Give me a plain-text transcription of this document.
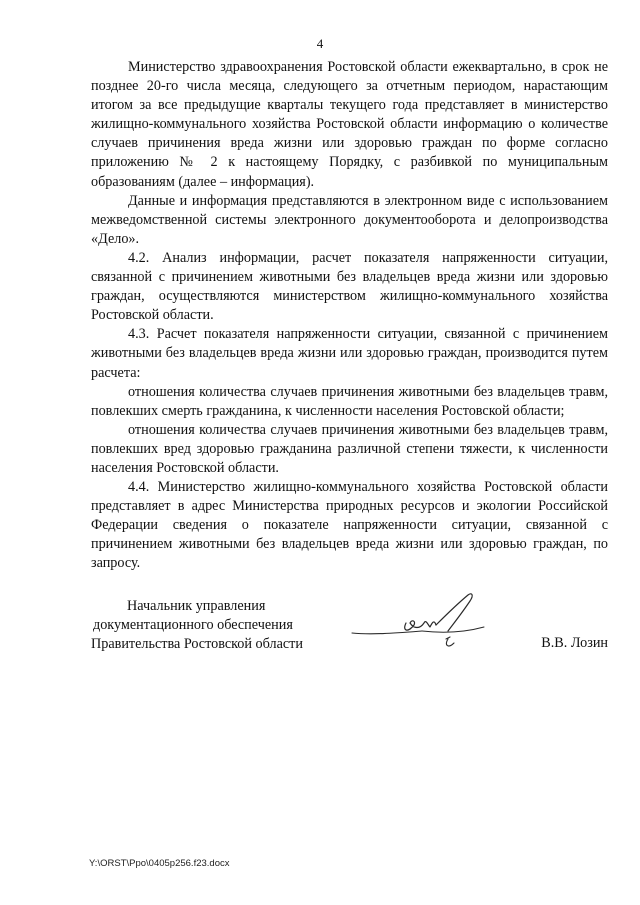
4

Министерство здравоохранения Ростовской области ежеквартально, в срок не позднее 20-го числа месяца, следующего за отчетным периодом, нарастающим итогом за все предыдущие кварталы текущего года представляет в министерство жилищно-коммунального хозяйства Ростовской области информацию о количестве случаев причинения вреда жизни или здоровью граждан по форме согласно приложению № 2 к настоящему Порядку, с разбивкой по муниципальным образованиям (далее – информация).

Данные и информация представляются в электронном виде с использованием межведомственной системы электронного документооборота и делопроизводства «Дело».

4.2. Анализ информации, расчет показателя напряженности ситуации, связанной с причинением животными без владельцев вреда жизни или здоровью граждан, осуществляются министерством жилищно-коммунального хозяйства Ростовской области.

4.3. Расчет показателя напряженности ситуации, связанной с причинением животными без владельцев вреда жизни или здоровью граждан, производится путем расчета:

отношения количества случаев причинения животными без владельцев травм, повлекших смерть гражданина, к численности населения Ростовской области;

отношения количества случаев причинения животными без владельцев травм, повлекших вред здоровью гражданина различной степени тяжести, к численности населения Ростовской области.

4.4. Министерство жилищно-коммунального хозяйства Ростовской области представляет в адрес Министерства природных ресурсов и экологии Российской Федерации сведения о показателе напряженности ситуации, связанной с причинением животными без владельцев вреда жизни или здоровью граждан, по запросу.

Начальник управления
документационного обеспечения
Правительства Ростовской области	В.В. Лозин
Y:\ORST\Ppo\0405p256.f23.docx
